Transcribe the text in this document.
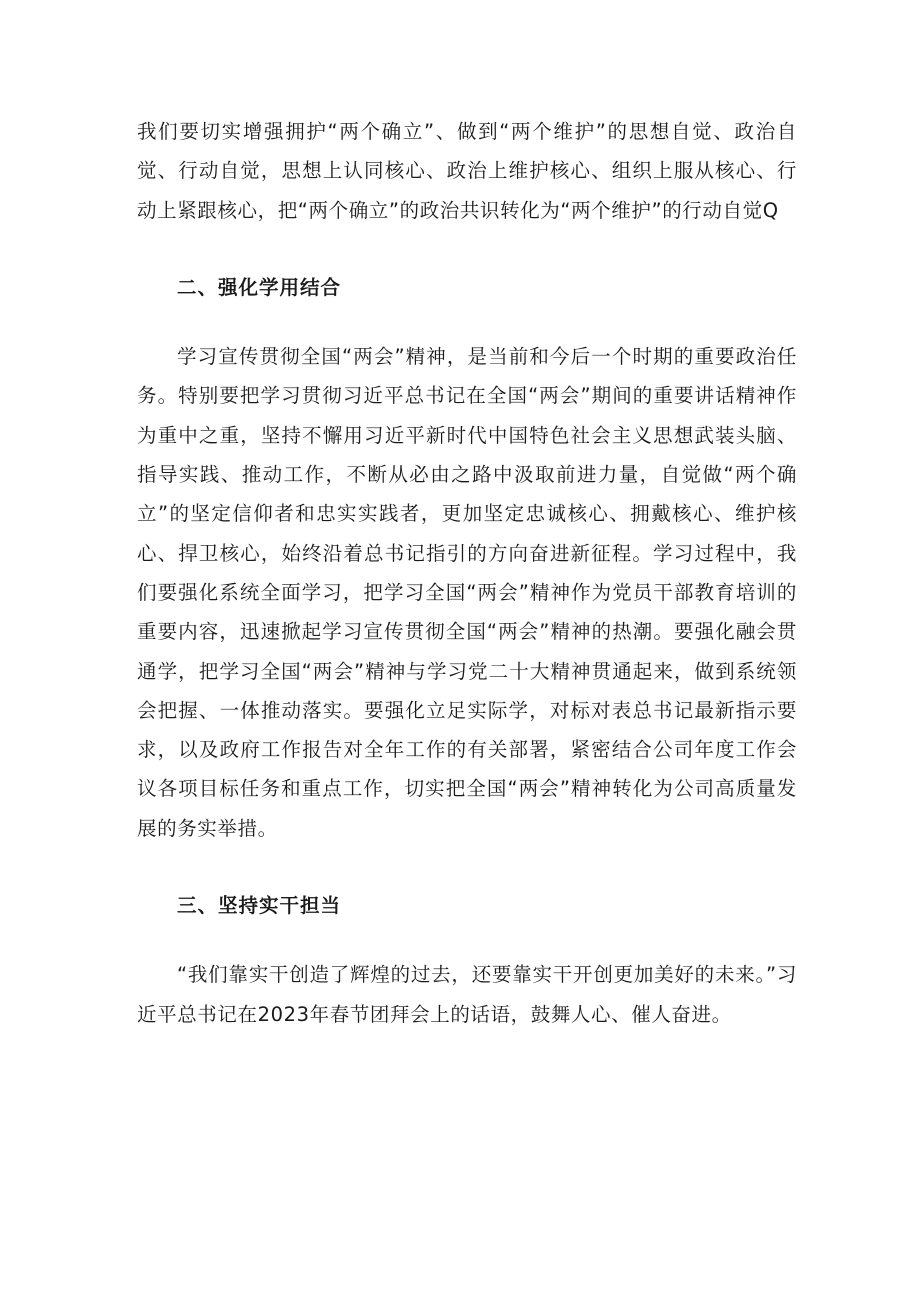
我们要切实增强拥护“两个确立”、做到“两个维护”的思想自觉、政治自觉、行动自觉，思想上认同核心、政治上维护核心、组织上服从核心、行动上紧跟核心，把“两个确立”的政治共识转化为“两个维护”的行动自觉Q

二、强化学用结合

学习宣传贯彻全国“两会”精神，是当前和今后一个时期的重要政治任务。特别要把学习贯彻习近平总书记在全国“两会”期间的重要讲话精神作为重中之重，坚持不懈用习近平新时代中国特色社会主义思想武装头脑、指导实践、推动工作，不断从必由之路中汲取前进力量，自觉做“两个确立”的坚定信仰者和忠实实践者，更加坚定忠诚核心、拥戴核心、维护核心、捍卫核心，始终沿着总书记指引的方向奋进新征程。学习过程中，我们要强化系统全面学习，把学习全国“两会”精神作为党员干部教育培训的重要内容，迅速掀起学习宣传贯彻全国“两会”精神的热潮。要强化融会贯通学，把学习全国“两会”精神与学习党二十大精神贯通起来，做到系统领会把握、一体推动落实。要强化立足实际学，对标对表总书记最新指示要求，以及政府工作报告对全年工作的有关部署，紧密结合公司年度工作会议各项目标任务和重点工作，切实把全国“两会”精神转化为公司高质量发展的务实举措。

三、坚持实干担当

“我们靠实干创造了辉煌的过去，还要靠实干开创更加美好的未来。”习近平总书记在2023年春节团拜会上的话语，鼓舞人心、催人奋进。
